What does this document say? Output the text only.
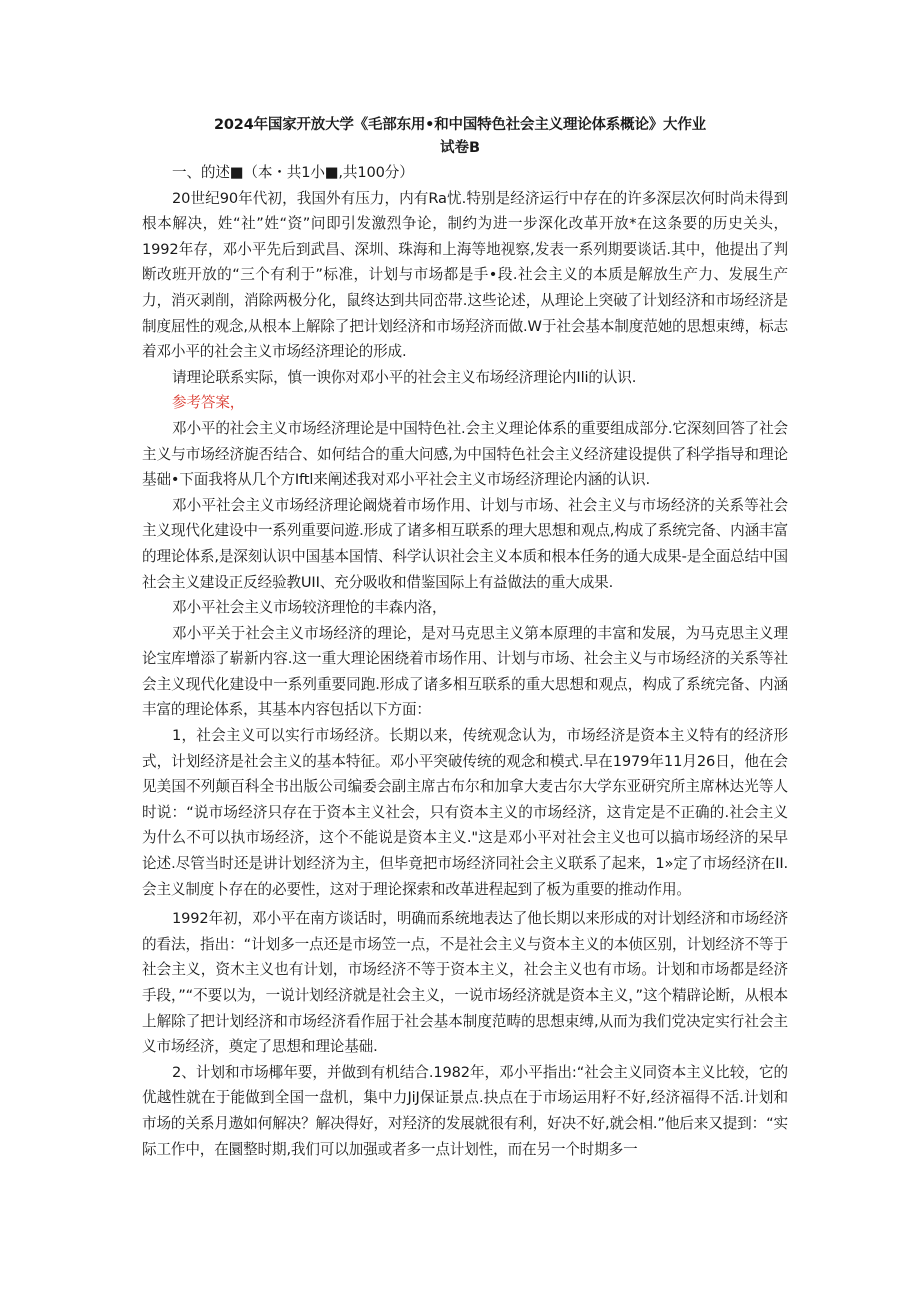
2024年国家开放大学《毛部东用•和中国特色社会主义理论体系概论》大作业
试卷B

一、的述■（本・共1小■,共100分）

20世纪90年代初，我国外有压力，内有Ra忧.特别是经济运行中存在的许多深层次何时尚未得到根本解决，姓“社”姓“资”问即引发激烈争论，制约为进一步深化改革开放*在这条要的历史关头，1992年存，邓小平先后到武昌、深圳、珠海和上海等地视察,发表一系列期要谈话.其中，他提出了判断改班开放的“三个有利于”标准，计划与市场都是手•段.社会主义的本质是解放生产力、发展生产力，消灭剥削，消除两极分化，鼠终达到共同峦帯.这些论述，从理论上突破了计划经济和市场经济是制度屈性的观念,从根本上解除了把计划经济和市场羟济而做.W于社会基本制度范她的思想束缚，标志着邓小平的社会主义市场经济理论的形成.

请理论联系实际，慎一谀你对邓小平的社会主义布场经济理论内Ili的认识.

参考答案，

邓小平的社会主义市场经济理论是中国特色社.会主义理论体系的重要组成部分.它深刻回答了社会主义与市场经济旎否结合、如何结合的重大问感,为中国特色社会主义经济建设提供了科学指导和理论基础•下面我将从几个方Iftl来阐述我对邓小平社会主义市场经济理论内涵的认识.

邓小平社会主义市场经济理论阚烧着市场作用、计划与市场、社会主义与市场经济的关系等社会主义现代化建设中一系列重要问遊.形成了诸多相互联系的理大思想和观点,构成了系统完备、内涵丰富的理论体系,是深刻认识中国基本国情、科学认识社会主义本质和根本任务的通大成果-是全面总结中国社会主义建设正反经验教UII、充分吸收和借鉴国际上有益做法的重大成果.

邓小平社会主义市场较济理怆的丰森内洛，

邓小平关于社会主义市场经济的理论，是对马克思主义第本原理的丰富和发展，为马克思主义理论宝库增添了崭新内容.这一重大理论困绕着市场作用、计划与市场、社会主义与市场经济的关系等社会主义现代化建设中一系列重要同跑.形成了诸多相互联系的重大思想和观点，构成了系统完备、内涵丰富的理论体系，其基本内容包括以下方面：

1，社会主义可以实行市场经济。长期以来，传统观念认为，市场经济是资本主义特有的经济形式，计划经济是社会主义的基本特征。邓小平突破传统的观念和模式.早在1979年11月26日，他在会见美国不列颠百科全书出版公司编委会副主席古布尔和加拿大麦古尔大学东亚研究所主席林达光等人时说：“说市场经济只存在于资本主义社会，只有资本主义的市场经济，这肯定是不正确的.社会主义为什么不可以执市场经济，这个不能说是资本主义."这是邓小平对社会主义也可以搞市场经济的呆早论述.尽管当时还是讲计划经济为主，但毕竟把市场经济同社会主义联系了起来，1»定了市场经济在II.会主义制度卜存在的必要性，这对于理论探索和改革进程起到了板为重要的推动作用。

1992年初，邓小平在南方谈话时，明确而系统地表达了他长期以来形成的对计划经济和市场经济的看法，指出：“计划多一点还是市场笠一点，不是社会主义与资本主义的本侦区别，计划经济不等于社会主义，资木主义也有计划，市场经济不等于资本主义，社会主义也有市场。计划和市场都是经济手段，”“不要以为，一说计划经济就是社会主义，一说市场经济就是资本主义，”这个精辟论断，从根本上解除了把计划经济和市场经济看作屈于社会基本制度范畴的思想束缚,从而为我们党决定实行社会主义市场经济，奠定了思想和理论基础.

2、计划和市场椰年要，并做到有机结合.1982年，邓小平指出:“社会主义同资本主义比较，它的优越性就在于能做到全国一盘机，集中力JiJ保证景点.抉点在于市场运用籽不好,经济福得不活.计划和市场的关系月遨如何解决？解决得好，对羟济的发展就很有利，好决不好,就会相.”他后来又提到：“实际工作中，在圜整时期,我们可以加强或者多一点计划性，而在另一个时期多一
